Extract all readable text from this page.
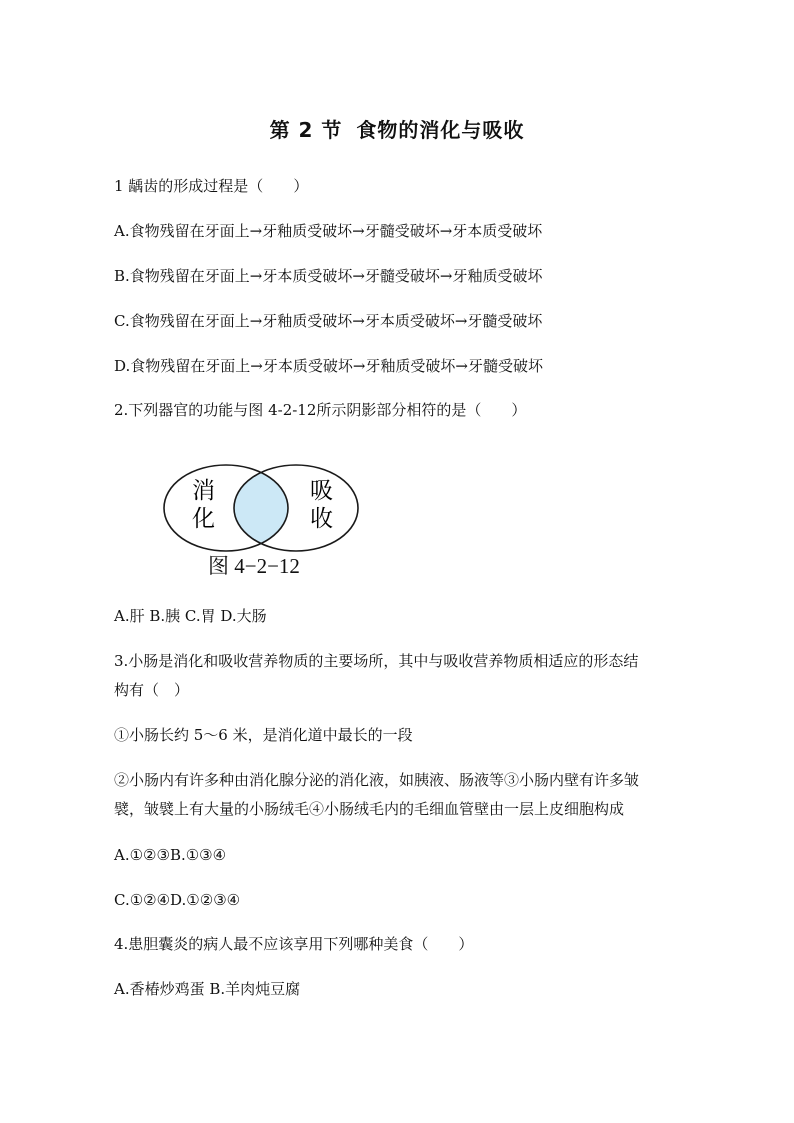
第 2 节 食物的消化与吸收
1 龋齿的形成过程是（　　）
A.食物残留在牙面上→牙釉质受破坏→牙髓受破坏→牙本质受破坏
B.食物残留在牙面上→牙本质受破坏→牙髓受破坏→牙釉质受破坏
C.食物残留在牙面上→牙釉质受破坏→牙本质受破坏→牙髓受破坏
D.食物残留在牙面上→牙本质受破坏→牙釉质受破坏→牙髓受破坏
2.下列器官的功能与图 4-2-12所示阴影部分相符的是（　　）
消
化
吸
收
图 4−2−12
A.肝 B.胰 C.胃 D.大肠
3.小肠是消化和吸收营养物质的主要场所，其中与吸收营养物质相适应的形态结
构有（　）
①小肠长约 5～6 米，是消化道中最长的一段
②小肠内有许多种由消化腺分泌的消化液，如胰液、肠液等③小肠内壁有许多皱
襞，皱襞上有大量的小肠绒毛④小肠绒毛内的毛细血管壁由一层上皮细胞构成
A.①②③B.①③④
C.①②④D.①②③④
4.患胆囊炎的病人最不应该享用下列哪种美食（　　）
A.香椿炒鸡蛋 B.羊肉炖豆腐
